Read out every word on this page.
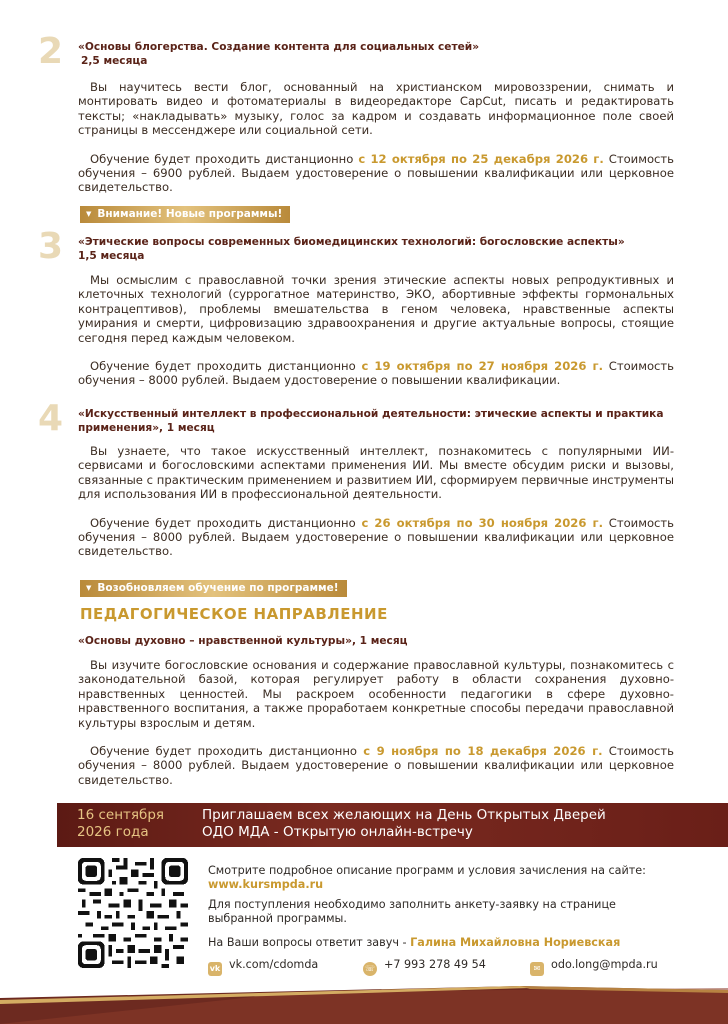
2 «Основы блогерства. Создание контента для социальных сетей»
2,5 месяца

Вы научитесь вести блог, основанный на христианском мировоззрении, снимать и монтировать видео и фотоматериалы в видеоредакторе CapCut, писать и редактировать тексты; «накладывать» музыку, голос за кадром и создавать информационное поле своей страницы в мессенджере или социальной сети.

Обучение будет проходить дистанционно с 12 октября по 25 декабря 2026 г. Стоимость обучения – 6900 рублей. Выдаем удостоверение о повышении квалификации или церковное свидетельство.

▼ Внимание! Новые программы!
3 «Этические вопросы современных биомедицинских технологий: богословские аспекты»
1,5 месяца

Мы осмыслим с православной точки зрения этические аспекты новых репродуктивных и клеточных технологий (суррогатное материнство, ЭКО, абортивные эффекты гормональных контрацептивов), проблемы вмешательства в геном человека, нравственные аспекты умирания и смерти, цифровизацию здравоохранения и другие актуальные вопросы, стоящие сегодня перед каждым человеком.

Обучение будет проходить дистанционно с 19 октября по 27 ноября 2026 г. Стоимость обучения – 8000 рублей. Выдаем удостоверение о повышении квалификации.

4 «Искусственный интеллект в профессиональной деятельности: этические аспекты и практика применения», 1 месяц

Вы узнаете, что такое искусственный интеллект, познакомитесь с популярными ИИ-сервисами и богословскими аспектами применения ИИ. Мы вместе обсудим риски и вызовы, связанные с практическим применением и развитием ИИ, сформируем первичные инструменты для использования ИИ в профессиональной деятельности.

Обучение будет проходить дистанционно с 26 октября по 30 ноября 2026 г. Стоимость обучения – 8000 рублей. Выдаем удостоверение о повышении квалификации или церковное свидетельство.

▼ Возобновляем обучение по программе!
ПЕДАГОГИЧЕСКОЕ НАПРАВЛЕНИЕ

«Основы духовно – нравственной культуры», 1 месяц

Вы изучите богословские основания и содержание православной культуры, познакомитесь с законодательной базой, которая регулирует работу в области сохранения духовно-нравственных ценностей. Мы раскроем особенности педагогики в сфере духовно-нравственного воспитания, а также проработаем конкретные способы передачи православной культуры взрослым и детям.

Обучение будет проходить дистанционно с 9 ноября по 18 декабря 2026 г. Стоимость обучения – 8000 рублей. Выдаем удостоверение о повышении квалификации или церковное свидетельство.

16 сентября
2026 года
Приглашаем всех желающих на День Открытых Дверей
ОДО МДА - Открытую онлайн-встречу

Смотрите подробное описание программ и условия зачисления на сайте:
www.kursmpda.ru

Для поступления необходимо заполнить анкету-заявку на странице выбранной программы.

На Ваши вопросы ответит завуч - Галина Михайловна Нориевская

vk vk.com/cdomda	☏ +7 993 278 49 54	✉ odo.long@mpda.ru
